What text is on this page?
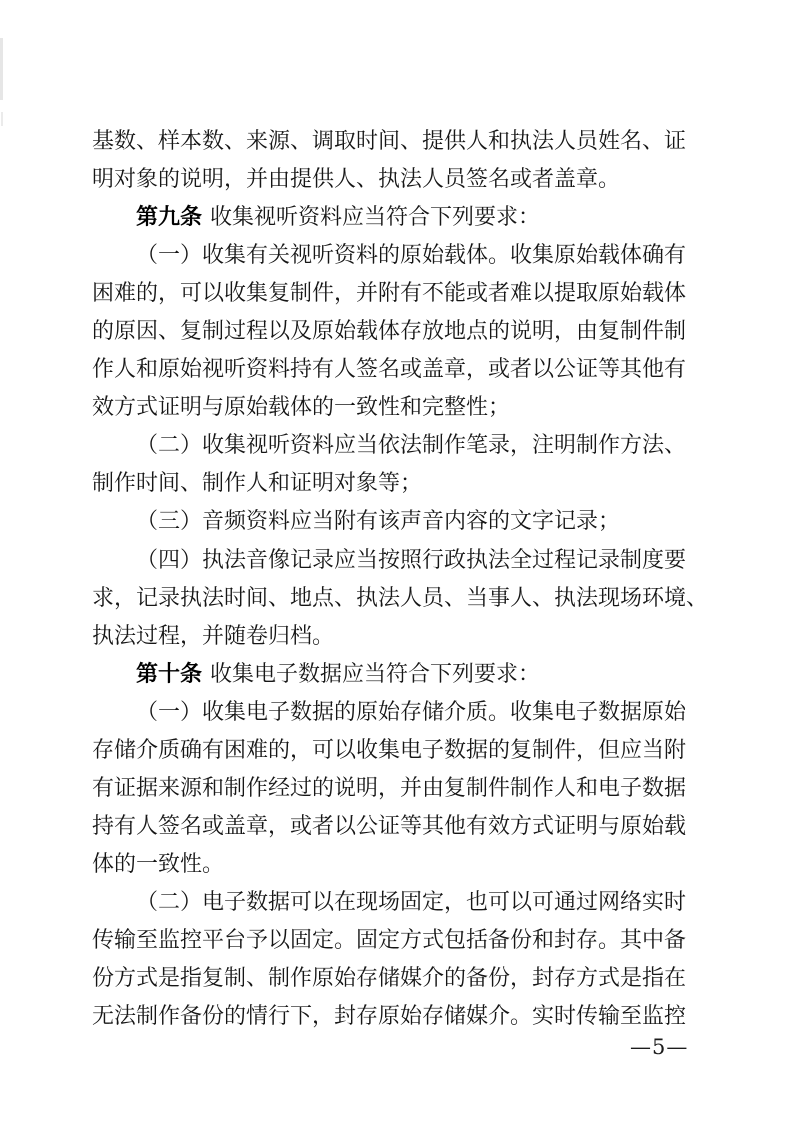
基数、样本数、来源、调取时间、提供人和执法人员姓名、证
明对象的说明，并由提供人、执法人员签名或者盖章。
第九条 收集视听资料应当符合下列要求：
（一）收集有关视听资料的原始载体。收集原始载体确有
困难的，可以收集复制件，并附有不能或者难以提取原始载体
的原因、复制过程以及原始载体存放地点的说明，由复制件制
作人和原始视听资料持有人签名或盖章，或者以公证等其他有
效方式证明与原始载体的一致性和完整性；
（二）收集视听资料应当依法制作笔录，注明制作方法、
制作时间、制作人和证明对象等；
（三）音频资料应当附有该声音内容的文字记录；
（四）执法音像记录应当按照行政执法全过程记录制度要
求，记录执法时间、地点、执法人员、当事人、执法现场环境、
执法过程，并随卷归档。
第十条 收集电子数据应当符合下列要求：
（一）收集电子数据的原始存储介质。收集电子数据原始
存储介质确有困难的，可以收集电子数据的复制件，但应当附
有证据来源和制作经过的说明，并由复制件制作人和电子数据
持有人签名或盖章，或者以公证等其他有效方式证明与原始载
体的一致性。
（二）电子数据可以在现场固定，也可以可通过网络实时
传输至监控平台予以固定。固定方式包括备份和封存。其中备
份方式是指复制、制作原始存储媒介的备份，封存方式是指在
无法制作备份的情行下，封存原始存储媒介。实时传输至监控
—5—
